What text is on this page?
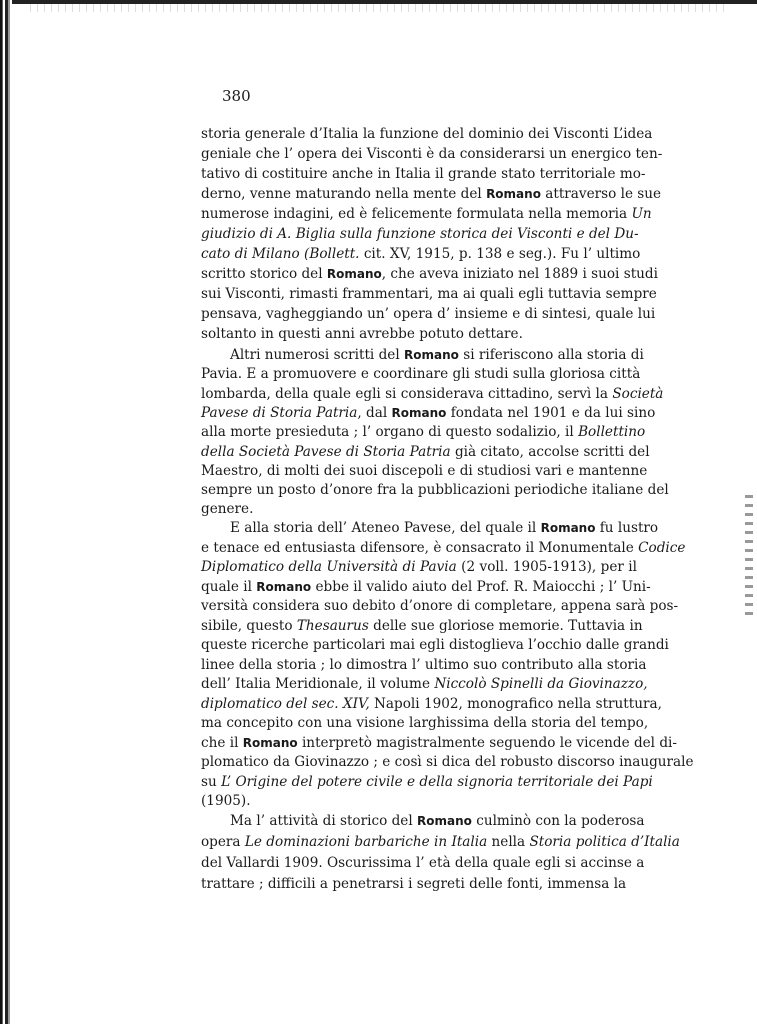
380
storia generale d’Italia la funzione del dominio dei Visconti L’idea
geniale che l’ opera dei Visconti è da considerarsi un energico ten-
tativo di costituire anche in Italia il grande stato territoriale mo-
derno, venne maturando nella mente del Romano attraverso le sue
numerose indagini, ed è felicemente formulata nella memoria Un
giudizio di A. Biglia sulla funzione storica dei Visconti e del Du-
cato di Milano (Bollett. cit. XV, 1915, p. 138 e seg.). Fu l’ ultimo
scritto storico del Romano, che aveva iniziato nel 1889 i suoi studi
sui Visconti, rimasti frammentari, ma ai quali egli tuttavia sempre
pensava, vagheggiando un’ opera d’ insieme e di sintesi, quale lui
soltanto in questi anni avrebbe potuto dettare.
Altri numerosi scritti del Romano si riferiscono alla storia di
Pavia. E a promuovere e coordinare gli studi sulla gloriosa città
lombarda, della quale egli si considerava cittadino, servì la Società
Pavese di Storia Patria, dal Romano fondata nel 1901 e da lui sino
alla morte presieduta ; l’ organo di questo sodalizio, il Bollettino
della Società Pavese di Storia Patria già citato, accolse scritti del
Maestro, di molti dei suoi discepoli e di studiosi vari e mantenne
sempre un posto d’onore fra la pubblicazioni periodiche italiane del
genere.
E alla storia dell’ Ateneo Pavese, del quale il Romano fu lustro
e tenace ed entusiasta difensore, è consacrato il Monumentale Codice
Diplomatico della Università di Pavia (2 voll. 1905-1913), per il
quale il Romano ebbe il valido aiuto del Prof. R. Maiocchi ; l’ Uni-
versità considera suo debito d’onore di completare, appena sarà pos-
sibile, questo Thesaurus delle sue gloriose memorie. Tuttavia in
queste ricerche particolari mai egli distoglieva l’occhio dalle grandi
linee della storia ; lo dimostra l’ ultimo suo contributo alla storia
dell’ Italia Meridionale, il volume Niccolò Spinelli da Giovinazzo,
diplomatico del sec. XIV, Napoli 1902, monografico nella struttura,
ma concepito con una visione larghissima della storia del tempo,
che il Romano interpretò magistralmente seguendo le vicende del di-
plomatico da Giovinazzo ; e così si dica del robusto discorso inaugurale
su L’ Origine del potere civile e della signoria territoriale dei Papi
(1905).
Ma l’ attività di storico del Romano culminò con la poderosa
opera Le dominazioni barbariche in Italia nella Storia politica d’Italia
del Vallardi 1909. Oscurissima l’ età della quale egli si accinse a
trattare ; difficili a penetrarsi i segreti delle fonti, immensa la
